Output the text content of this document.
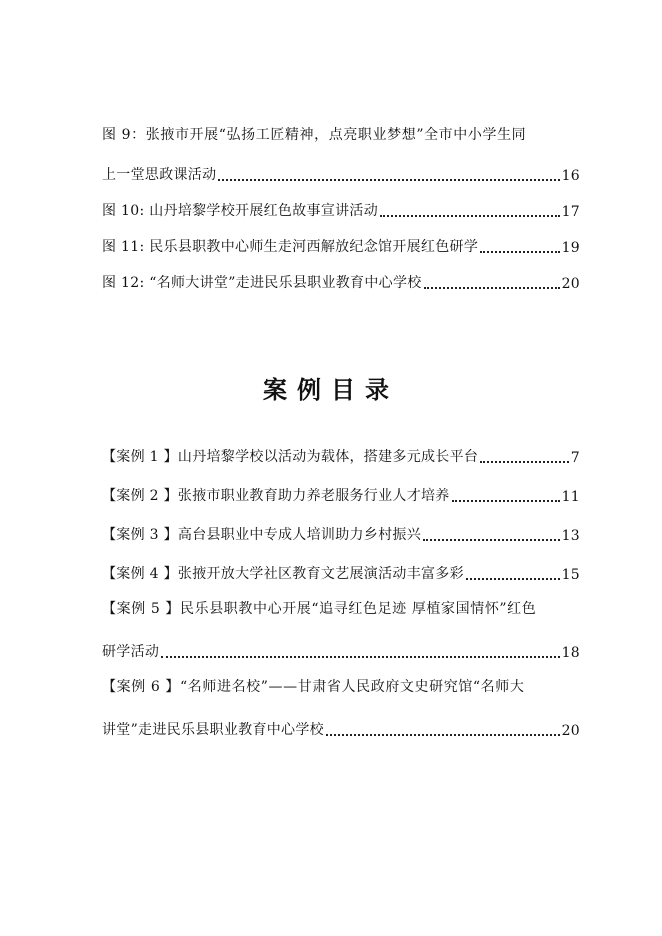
图 9：张掖市开展“弘扬工匠精神，点亮职业梦想”全市中小学生同
上一堂思政课活动	16
图 10: 山丹培黎学校开展红色故事宣讲活动	17
图 11: 民乐县职教中心师生走河西解放纪念馆开展红色研学	19
图 12: “名师大讲堂”走进民乐县职业教育中心学校	20
案例目录
【案例 1 】山丹培黎学校以活动为载体，搭建多元成长平台	7
【案例 2 】张掖市职业教育助力养老服务行业人才培养	11
【案例 3 】高台县职业中专成人培训助力乡村振兴	13
【案例 4 】张掖开放大学社区教育文艺展演活动丰富多彩	15
【案例 5 】民乐县职教中心开展“追寻红色足迹 厚植家国情怀”红色
研学活动	18
【案例 6 】“名师进名校”——甘肃省人民政府文史研究馆“名师大
讲堂”走进民乐县职业教育中心学校	20
